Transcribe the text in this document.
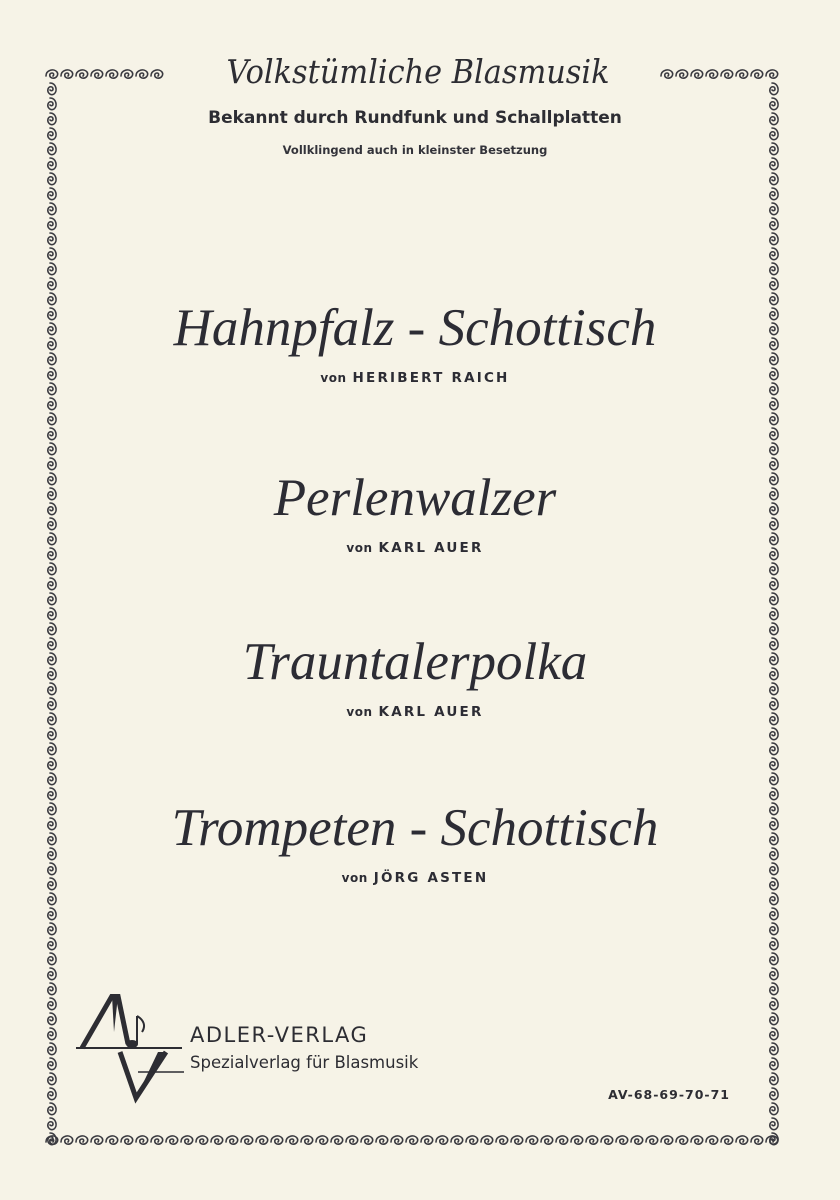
Volkstümliche Blasmusik
Bekannt durch Rundfunk und Schallplatten
Vollklingend auch in kleinster Besetzung
Hahnpfalz - Schottisch
von HERIBERT RAICH
Perlenwalzer
von KARL AUER
Trauntalerpolka
von KARL AUER
Trompeten - Schottisch
von JÖRG ASTEN
ADLER-VERLAG
Spezialverlag für Blasmusik
AV-68-69-70-71
